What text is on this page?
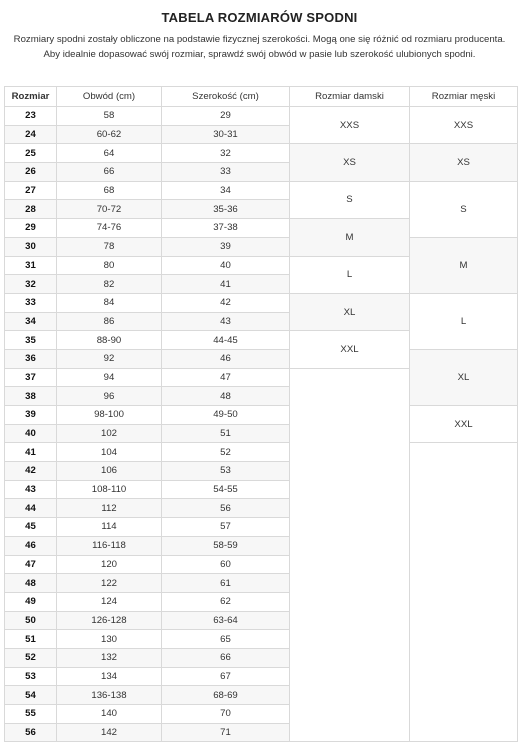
TABELA ROZMIARÓW SPODNI
Rozmiary spodni zostały obliczone na podstawie fizycznej szerokości. Mogą one się różnić od rozmiaru producenta.
Aby idealnie dopasować swój rozmiar, sprawdź swój obwód w pasie lub szerokość ulubionych spodni.
Rozmiar	Obwód (cm)	Szerokość (cm)	Rozmiar damski	Rozmiar męski
23	58	29	XXS	XXS
24	60-62	30-31		
25	64	32	XS	XS
26	66	33		
27	68	34	S	S
28	70-72	35-36		
29	74-76	37-38	M	
30	78	39		M
31	80	40	L	
32	82	41		
33	84	42	XL	L
34	86	43		
35	88-90	44-45	XXL	
36	92	46		XL
37	94	47		
38	96	48		
39	98-100	49-50		XXL
40	102	51		
41	104	52		
42	106	53		
43	108-110	54-55		
44	112	56		
45	114	57		
46	116-118	58-59		
47	120	60		
48	122	61		
49	124	62		
50	126-128	63-64		
51	130	65		
52	132	66		
53	134	67		
54	136-138	68-69		
55	140	70		
56	142	71		
